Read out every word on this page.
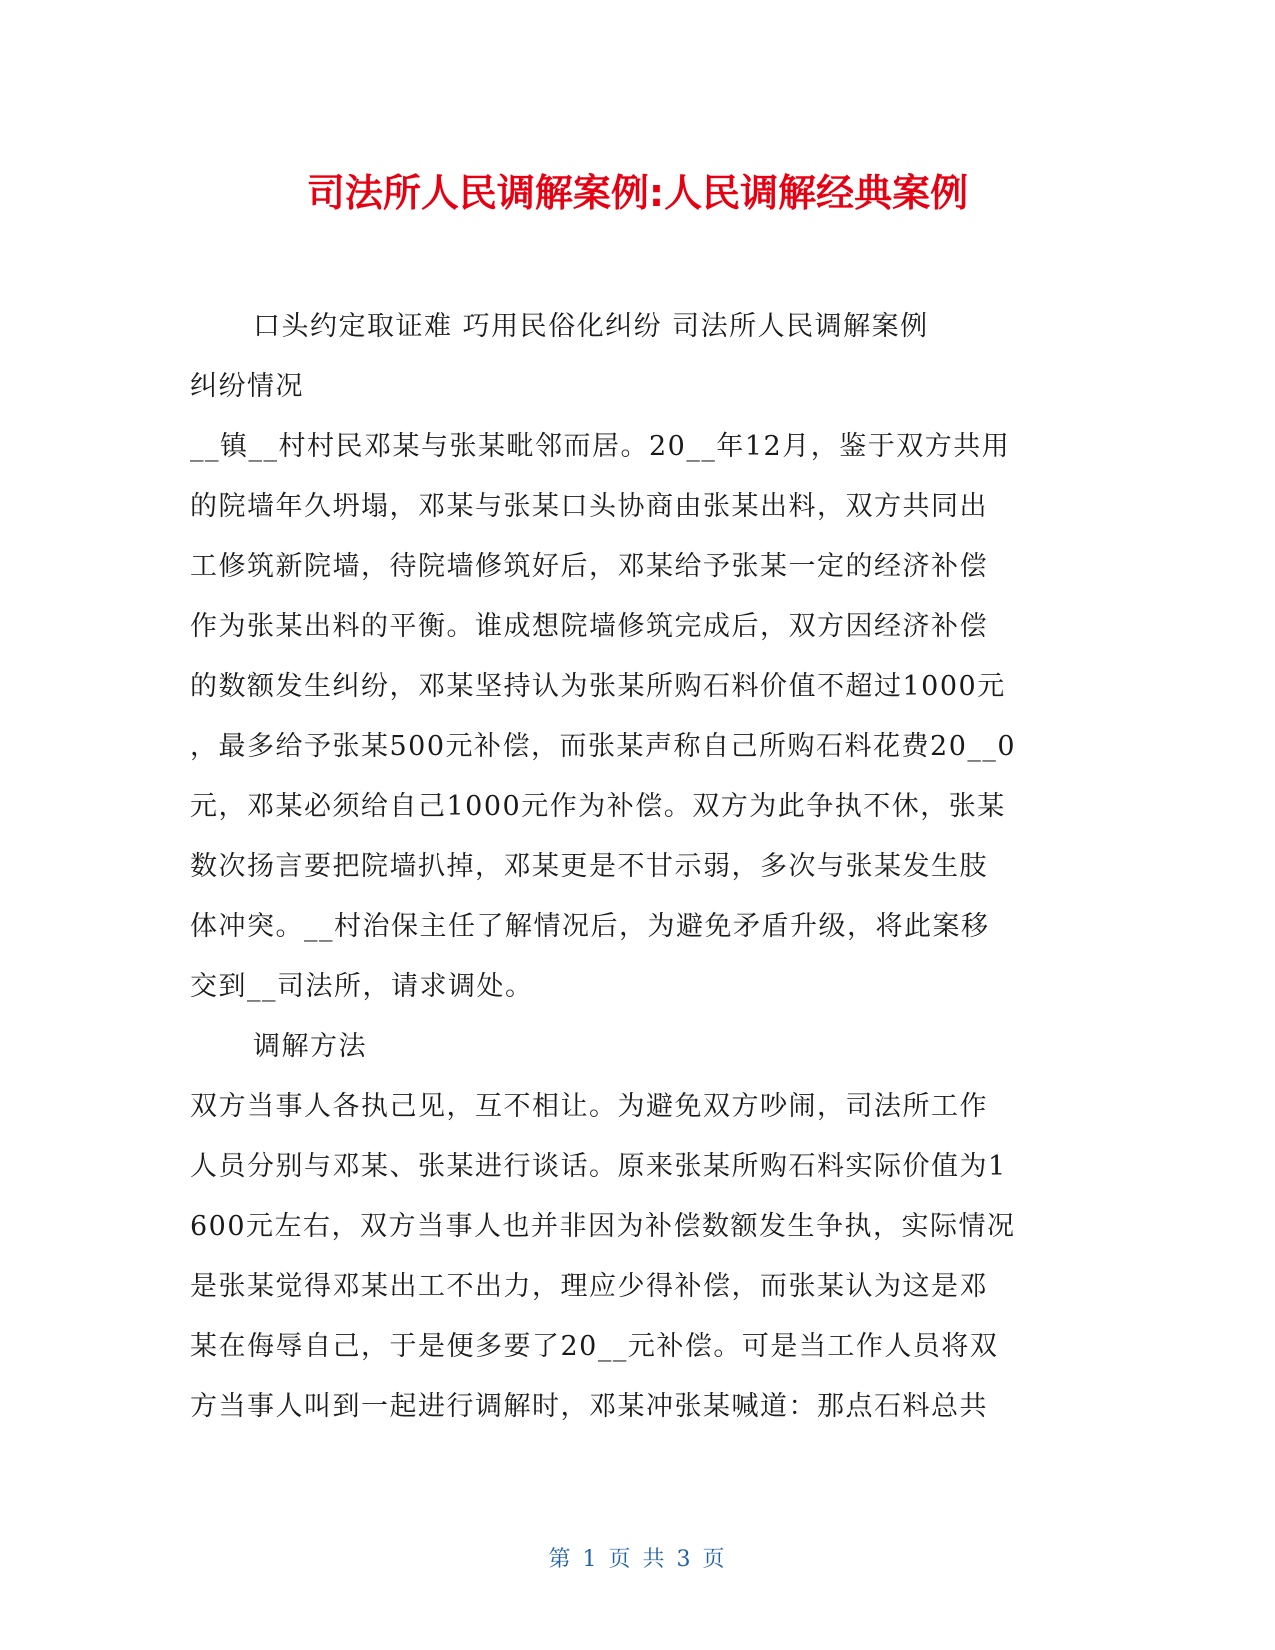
司法所人民调解案例:人民调解经典案例
口头约定取证难 巧用民俗化纠纷 司法所人民调解案例
纠纷情况
__镇__村村民邓某与张某毗邻而居。20__年12月，鉴于双方共用
的院墙年久坍塌，邓某与张某口头协商由张某出料，双方共同出
工修筑新院墙，待院墙修筑好后，邓某给予张某一定的经济补偿
作为张某出料的平衡。谁成想院墙修筑完成后，双方因经济补偿
的数额发生纠纷，邓某坚持认为张某所购石料价值不超过1000元
，最多给予张某500元补偿，而张某声称自己所购石料花费20__0
元，邓某必须给自己1000元作为补偿。双方为此争执不休，张某
数次扬言要把院墙扒掉，邓某更是不甘示弱，多次与张某发生肢
体冲突。__村治保主任了解情况后，为避免矛盾升级，将此案移
交到__司法所，请求调处。
调解方法
双方当事人各执己见，互不相让。为避免双方吵闹，司法所工作
人员分别与邓某、张某进行谈话。原来张某所购石料实际价值为1
600元左右，双方当事人也并非因为补偿数额发生争执，实际情况
是张某觉得邓某出工不出力，理应少得补偿，而张某认为这是邓
某在侮辱自己，于是便多要了20__元补偿。可是当工作人员将双
方当事人叫到一起进行调解时，邓某冲张某喊道：那点石料总共
第 1 页 共 3 页
